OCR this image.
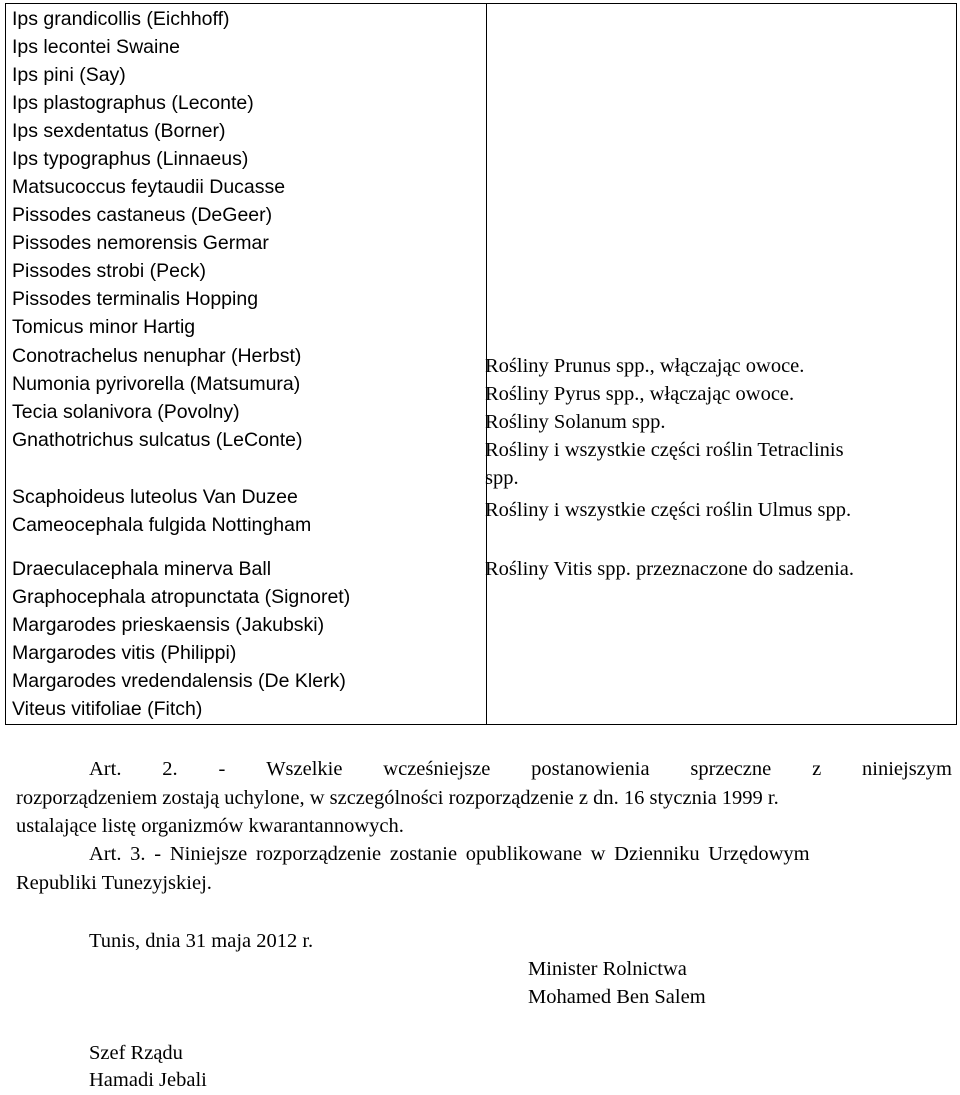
Ips grandicollis (Eichhoff)
Ips lecontei Swaine
Ips pini (Say)
Ips plastographus (Leconte)
Ips sexdentatus (Borner)
Ips typographus (Linnaeus)
Matsucoccus feytaudii Ducasse
Pissodes castaneus (DeGeer)
Pissodes nemorensis Germar
Pissodes strobi (Peck)
Pissodes terminalis Hopping
Tomicus minor Hartig
Conotrachelus nenuphar (Herbst)
Numonia pyrivorella (Matsumura)
Tecia solanivora (Povolny)
Gnathotrichus sulcatus (LeConte)
Scaphoideus luteolus Van Duzee
Cameocephala fulgida Nottingham
Draeculacephala minerva Ball
Graphocephala atropunctata (Signoret)
Margarodes prieskaensis (Jakubski)
Margarodes vitis (Philippi)
Margarodes vredendalensis (De Klerk)
Viteus vitifoliae (Fitch)
Rośliny Prunus spp., włączając owoce.
Rośliny Pyrus spp., włączając owoce.
Rośliny Solanum spp.
Rośliny i wszystkie części roślin Tetraclinis
spp.
Rośliny i wszystkie części roślin Ulmus spp.
Rośliny Vitis spp. przeznaczone do sadzenia.
Art. 2. - Wszelkie wcześniejsze postanowienia sprzeczne z niniejszym
rozporządzeniem zostają uchylone, w szczególności rozporządzenie z dn. 16 stycznia 1999 r.
ustalające listę organizmów kwarantannowych.
Art. 3. - Niniejsze rozporządzenie zostanie opublikowane w Dzienniku Urzędowym
Republiki Tunezyjskiej.
Tunis, dnia 31 maja 2012 r.
Minister Rolnictwa
Mohamed Ben Salem
Szef Rządu
Hamadi Jebali
